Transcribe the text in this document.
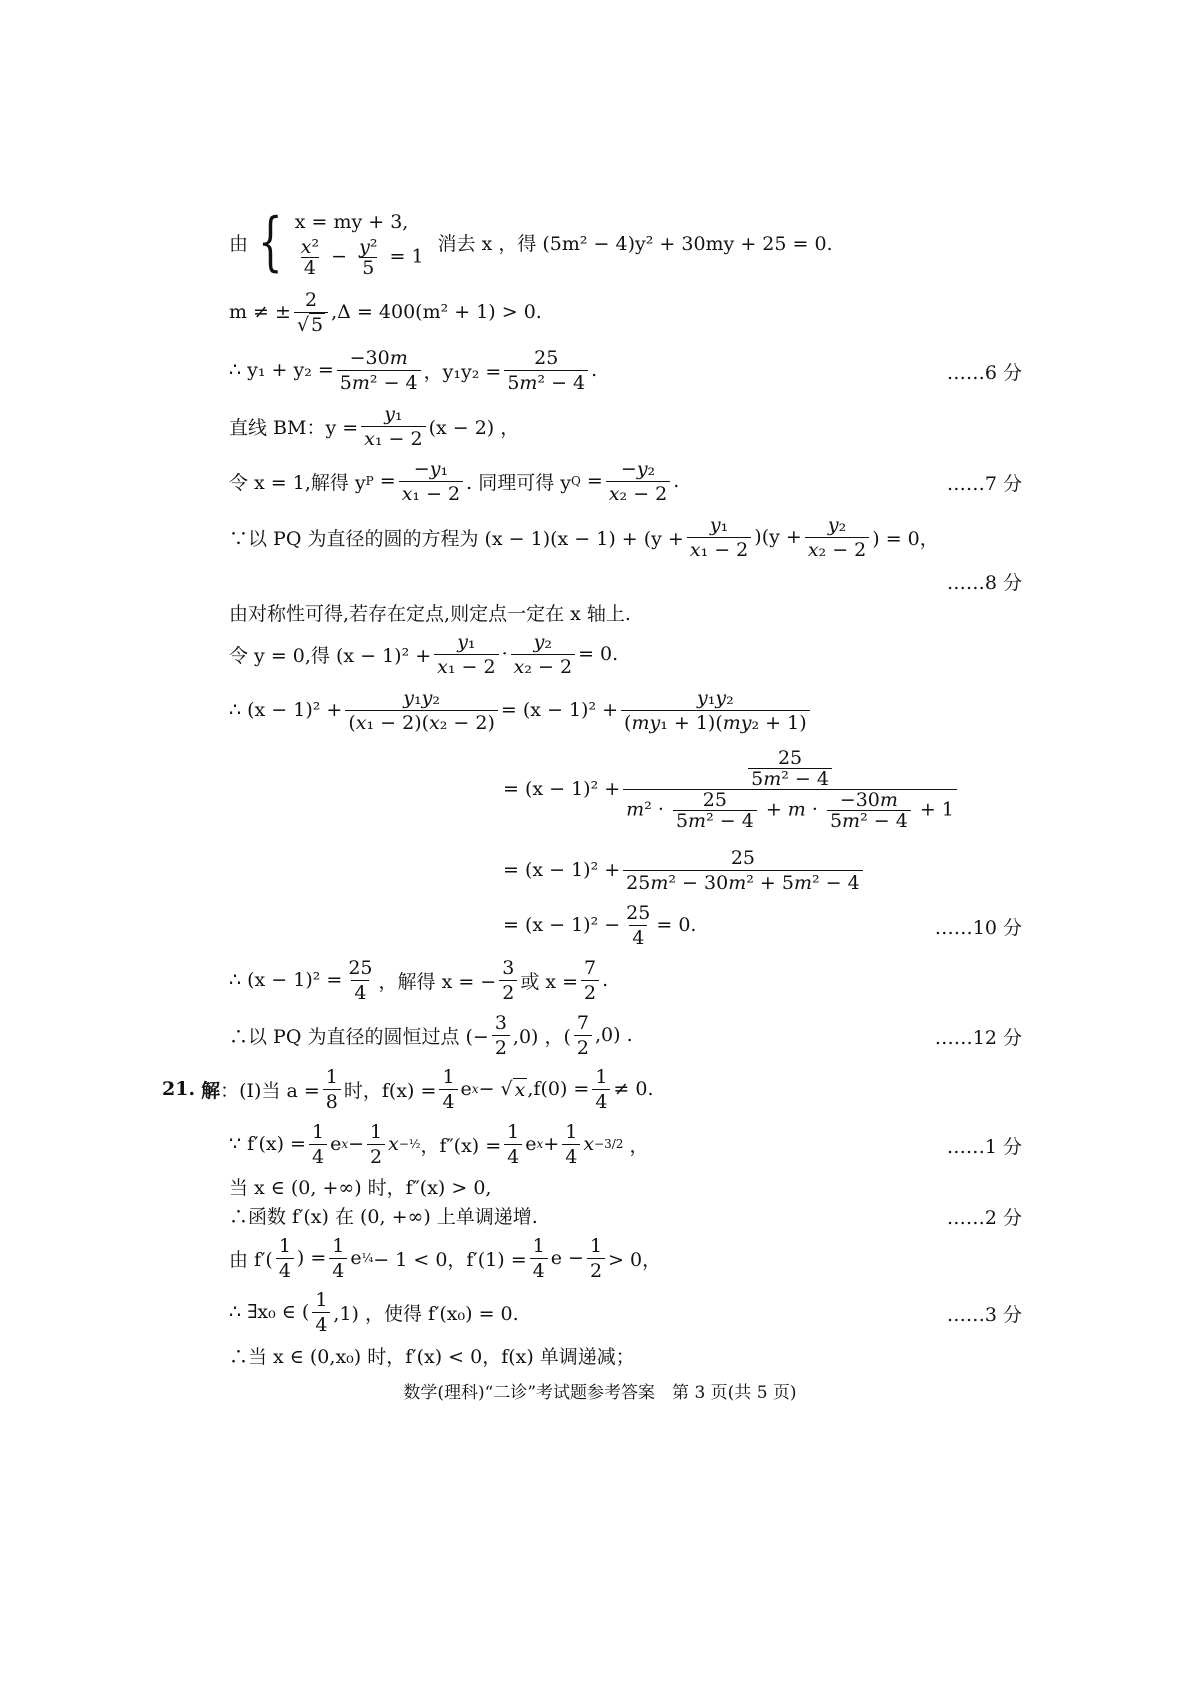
由 { x = my + 3,
$\frac{\text{x²}}{4} - \frac{\text{y²}}{5} = 1$
消去 x ，得 (5m² − 4)y² + 30my + 25 = 0.
m ≠ ± $\frac{2}{√ 5} ,\Delta = 400(m^2 + 1) > 0$.
∴ $y_1 + y_2 = \frac{-30m}{\text{5m² − 4}}$ ，$y_1y_2 = \frac{25}{\text{5m² − 4}}$ .	……6 分
直线 BM：$y = \frac{\text{y₁}}{\text{x₁ − 2}} (x - 2)$ ，
令 x = 1,解得 y $P = \frac{\text{−y₁}}{\text{x₁ − 2}}$ . 同理可得 y $Q = \frac{\text{−y₂}}{\text{x₂ − 2}}$ .	……7 分
∵以 PQ 为直径的圆的方程为 $(x - 1)(x - 1) + (y + \frac{\text{y₁}}{\text{x₁ − 2}} )(y + \frac{\text{y₂}}{\text{x₂ − 2}}$ ) = 0，
……8 分
由对称性可得,若存在定点,则定点一定在 x 轴上.
令 y = 0,得 $(x - 1)^2 + \frac{\text{y₁}}{\text{x₁ − 2}} \cdot \frac{\text{y₂}}{\text{x₂ − 2}} = 0$.
∴ $(x - 1)^2 + \frac{\text{y₁y₂}}{\text{(x₁ − 2)(x₂ − 2)}} = (x - 1)^2 + \frac{\text{y₁y₂}}{\text{(my₁ + 1)(my₂ + 1)}}$
= $(x - 1)^2 + \frac{\frac{25}{\text{5m² − 4}}}{m^2 \cdot \frac{25}{\text{5m² − 4}} + m \cdot \frac{-30m}{\text{5m² − 4}} + 1}$
= $(x - 1)^2 + \frac{25}{\text{25m² − 30m² + 5m² − 4}}$
= $(x - 1)^2 - \frac{25}{4} = 0$.	……10 分
∴ $(x - 1)^2 = \frac{25}{4}$ ，解得 x = − $\frac{3}{2}$ 或 $x = \frac{7}{2}$ .
∴以 PQ 为直径的圆恒过点 (− $\frac{3}{2} ,0$) ，( $\frac{7}{2} ,0$) .	……12 分
21.
解 ：(Ⅰ)当 $a = \frac{1}{8}$ 时，$f(x) = \frac{1}{4}$ e x − √ x , $f(0) = \frac{1}{4} \ne 0$.
∵ $f'(x) = \frac{1}{4}$ e $x - \frac{1}{2}$ x −½ ，$f''(x) = \frac{1}{4}$ e $x + \frac{1}{4}$ x −3/2 ，	……1 分
当 x ∈ (0, +∞) 时，f″(x) > 0,
∴函数 f′(x) 在 (0, +∞) 上单调递增.	……2 分
由 $f'( \frac{1}{4}$ ) = $\frac{1}{4}$ e ¼ − 1 < 0，$f'(1) = \frac{1}{4}$ $e - \frac{1}{2} > 0$，
∴ ∃x₀ ∈ ( $\frac{1}{4} ,1$) ，使得 f′(x₀) = 0.	……3 分
∴当 x ∈ (0,x₀) 时，f′(x) < 0，f(x) 单调递减；
数学(理科)“二诊”考试题参考答案　第 3 页(共 5 页)
